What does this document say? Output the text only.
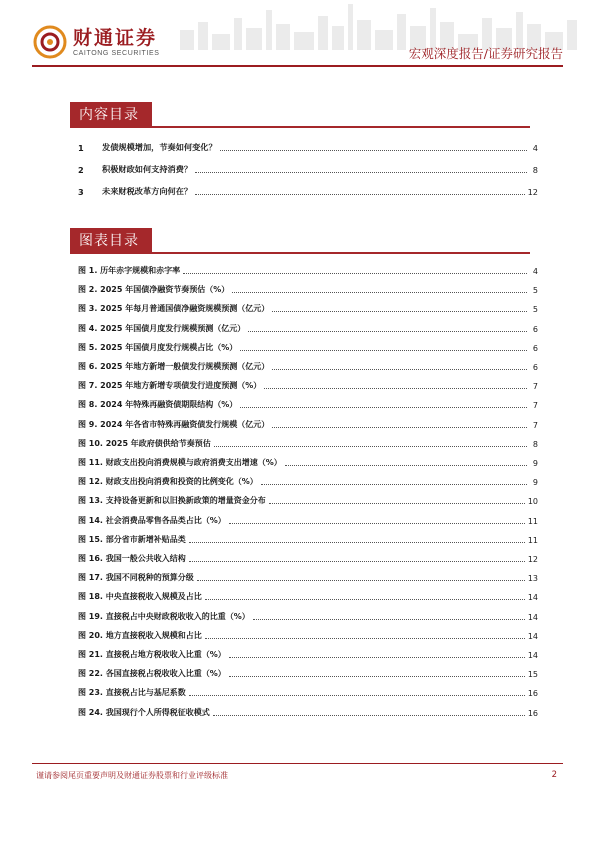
财通证券
CAITONG SECURITIES	宏观深度报告/证券研究报告
内容目录
1	发债规模增加，节奏如何变化？	4
2	积极财政如何支持消费？	8
3	未来财税改革方向何在？	12
图表目录
图 1. 历年赤字规模和赤字率	4
图 2. 2025 年国债净融资节奏预估（%）	5
图 3. 2025 年每月普通国债净融资规模预测（亿元）	5
图 4. 2025 年国债月度发行规模预测（亿元）	6
图 5. 2025 年国债月度发行规模占比（%）	6
图 6. 2025 年地方新增一般债发行规模预测（亿元）	6
图 7. 2025 年地方新增专项债发行进度预测（%）	7
图 8. 2024 年特殊再融资债期限结构（%）	7
图 9. 2024 年各省市特殊再融资债发行规模（亿元）	7
图 10. 2025 年政府债供给节奏预估	8
图 11. 财政支出投向消费规模与政府消费支出增速（%）	9
图 12. 财政支出投向消费和投资的比例变化（%）	9
图 13. 支持设备更新和以旧换新政策的增量资金分布	10
图 14. 社会消费品零售各品类占比（%）	11
图 15. 部分省市新增补贴品类	11
图 16. 我国一般公共收入结构	12
图 17. 我国不同税种的预算分级	13
图 18. 中央直接税收入规模及占比	14
图 19. 直接税占中央财政税收收入的比重（%）	14
图 20. 地方直接税收入规模和占比	14
图 21. 直接税占地方税收收入比重（%）	14
图 22. 各国直接税占税收收入比重（%）	15
图 23. 直接税占比与基尼系数	16
图 24. 我国现行个人所得税征收模式	16
谨请参阅尾页重要声明及财通证券股票和行业评级标准	2
